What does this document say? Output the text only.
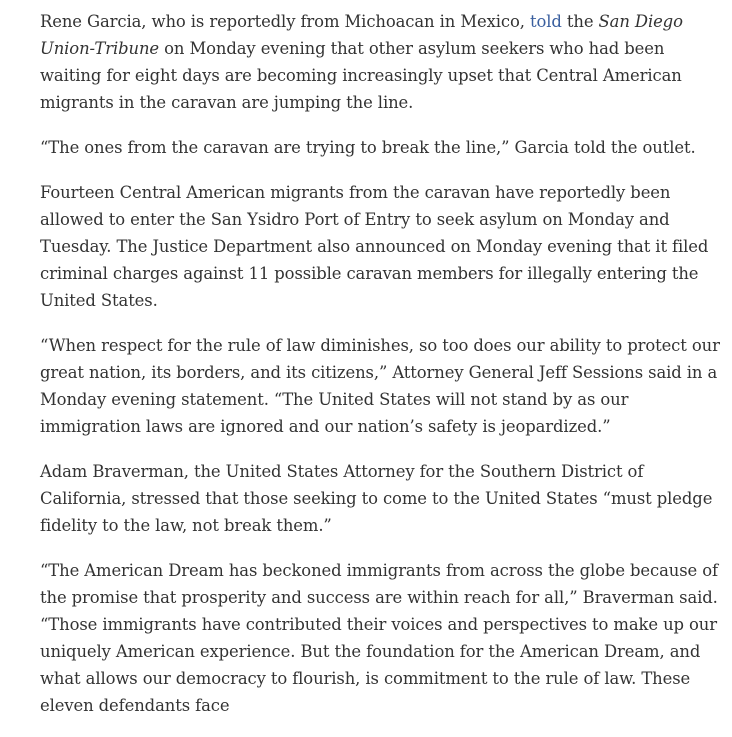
Rene Garcia, who is reportedly from Michoacan in Mexico, told the San Diego Union-Tribune on Monday evening that other asylum seekers who had been waiting for eight days are becoming increasingly upset that Central American migrants in the caravan are jumping the line.

“The ones from the caravan are trying to break the line,” Garcia told the outlet.

Fourteen Central American migrants from the caravan have reportedly been allowed to enter the San Ysidro Port of Entry to seek asylum on Monday and Tuesday. The Justice Department also announced on Monday evening that it filed criminal charges against 11 possible caravan members for illegally entering the United States.

“When respect for the rule of law diminishes, so too does our ability to protect our great nation, its borders, and its citizens,” Attorney General Jeff Sessions said in a Monday evening statement. “The United States will not stand by as our immigration laws are ignored and our nation’s safety is jeopardized.”

Adam Braverman, the United States Attorney for the Southern District of California, stressed that those seeking to come to the United States “must pledge fidelity to the law, not break them.”

“The American Dream has beckoned immigrants from across the globe because of the promise that prosperity and success are within reach for all,” Braverman said. “Those immigrants have contributed their voices and perspectives to make up our uniquely American experience. But the foundation for the American Dream, and what allows our democracy to flourish, is commitment to the rule of law. These eleven defendants face
